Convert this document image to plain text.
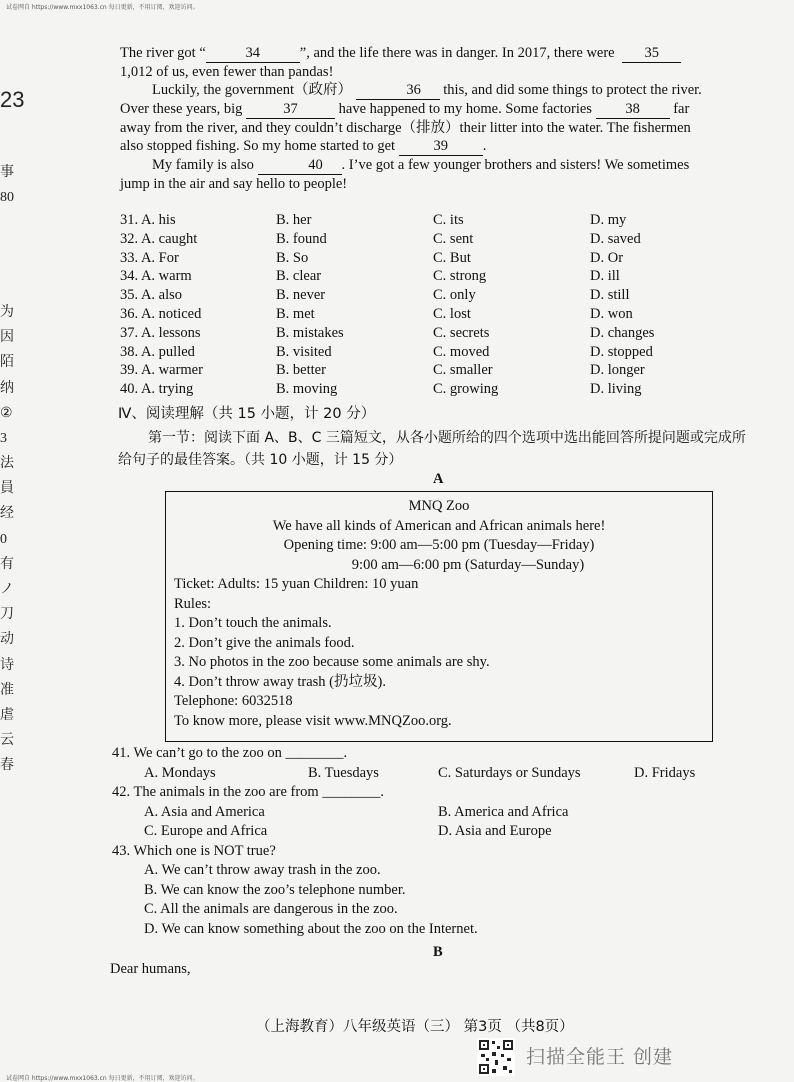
试卷网自 https://www.mxx1063.cn 每日更新，不用订阅，欢迎访问。
23
事
80
为
因
陌
纳
②
3
法
員
经
0
有
ノ
刀
动
诗
准
虐
云
春

The river got “	34	”, and the life there was in danger. In 2017, there were 35

1,012 of us, even fewer than pandas!

Luckily, the government（政府）	36 this, and did some things to protect the river.

Over these years, big	37	have happened to my home. Some factories 38 far

away from the river, and they couldn’t discharge（排放）their litter into the water. The fishermen

also stopped fishing. So my home started to get	39 .

My family is also	40 . I’ve got a few younger brothers and sisters! We sometimes

jump in the air and say hello to people!

31. A. his	B. her	C. its	D. my
32. A. caught	B. found	C. sent	D. saved
33. A. For	B. So	C. But	D. Or
34. A. warm	B. clear	C. strong	D. ill
35. A. also	B. never	C. only	D. still
36. A. noticed	B. met	C. lost	D. won
37. A. lessons	B. mistakes	C. secrets	D. changes
38. A. pulled	B. visited	C. moved	D. stopped
39. A. warmer	B. better	C. smaller	D. longer
40. A. trying	B. moving	C. growing	D. living
Ⅳ、阅读理解（共 15 小题，计 20 分）

第一节：阅读下面 A、B、C 三篇短文，从各小题所给的四个选项中选出能回答所提问题或完成所给句子的最佳答案。（共 10 小题，计 15 分）

A
MNQ Zoo
We have all kinds of American and African animals here!
Opening time: 9:00 am—5:00 pm (Tuesday—Friday)
9:00 am—6:00 pm (Saturday—Sunday)
Ticket: Adults: 15 yuan Children: 10 yuan
Rules:
1. Don’t touch the animals.
2. Don’t give the animals food.
3. No photos in the zoo because some animals are shy.
4. Don’t throw away trash (扔垃圾).
Telephone: 6032518
To know more, please visit www.MNQZoo.org.
41. We can’t go to the zoo on ________.
A. Mondays	B. Tuesdays	C. Saturdays or Sundays	D. Fridays
42. The animals in the zoo are from ________.
A. Asia and America	B. America and Africa
C. Europe and Africa	D. Asia and Europe
43. Which one is NOT true?
A. We can’t throw away trash in the zoo.
B. We can know the zoo’s telephone number.
C. All the animals are dangerous in the zoo.
D. We can know something about the zoo on the Internet.
B
Dear humans,
（上海教育）八年级英语（三） 第3页 （共8页）
扫描全能王 创建
试卷网自 https://www.mxx1063.cn 每日更新，不用订阅，欢迎访问。
